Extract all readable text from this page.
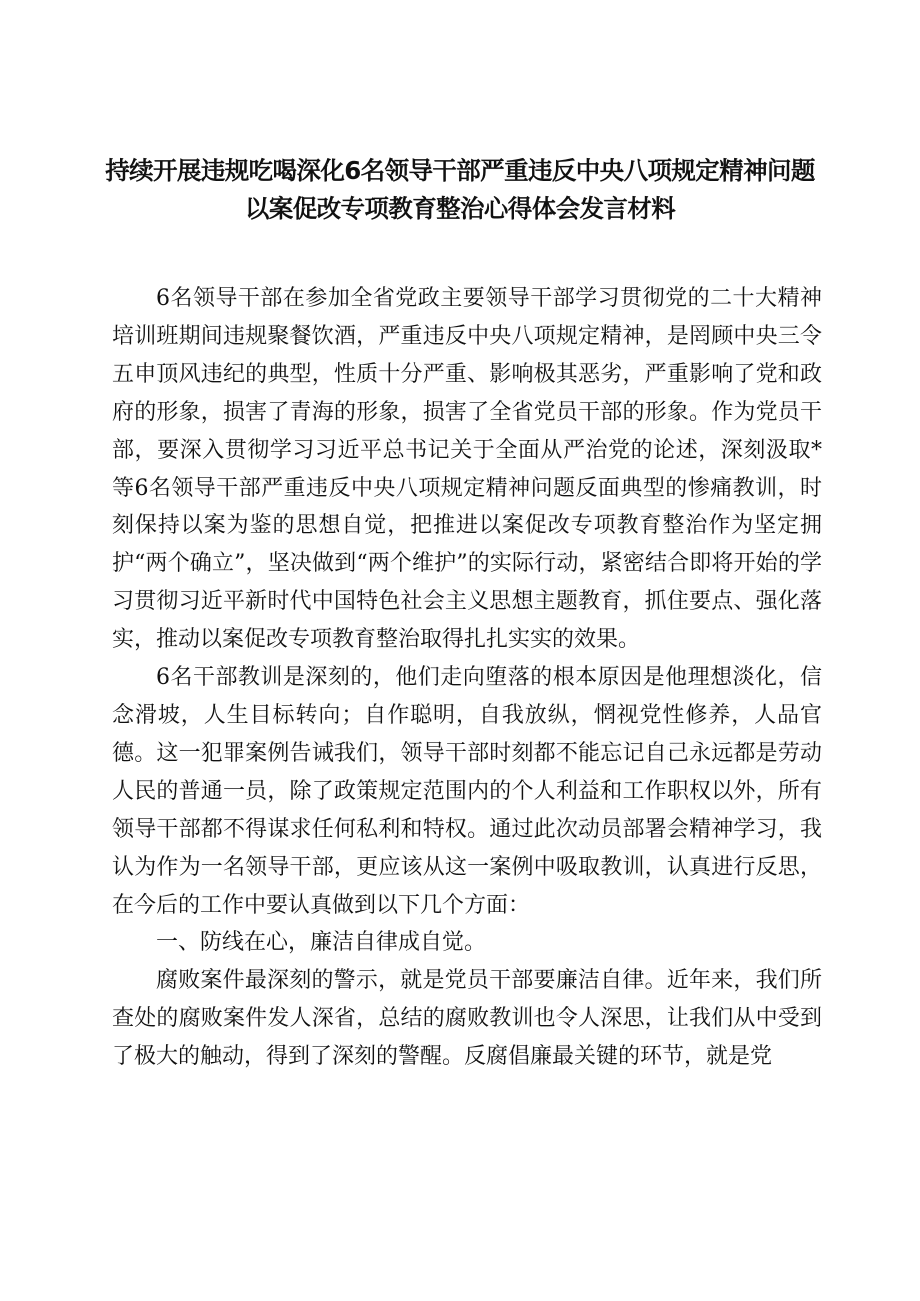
持续开展违规吃喝深化6名领导干部严重违反中央八项规定精神问题以案促改专项教育整治心得体会发言材料

6名领导干部在参加全省党政主要领导干部学习贯彻党的二十大精神培训班期间违规聚餐饮酒，严重违反中央八项规定精神，是罔顾中央三令五申顶风违纪的典型，性质十分严重、影响极其恶劣，严重影响了党和政府的形象，损害了青海的形象，损害了全省党员干部的形象。作为党员干部，要深入贯彻学习习近平总书记关于全面从严治党的论述，深刻汲取*等6名领导干部严重违反中央八项规定精神问题反面典型的惨痛教训，时刻保持以案为鉴的思想自觉，把推进以案促改专项教育整治作为坚定拥护“两个确立”，坚决做到“两个维护”的实际行动，紧密结合即将开始的学习贯彻习近平新时代中国特色社会主义思想主题教育，抓住要点、强化落实，推动以案促改专项教育整治取得扎扎实实的效果。

6名干部教训是深刻的，他们走向堕落的根本原因是他理想淡化，信念滑坡，人生目标转向；自作聪明，自我放纵，惘视党性修养，人品官德。这一犯罪案例告诫我们，领导干部时刻都不能忘记自己永远都是劳动人民的普通一员，除了政策规定范围内的个人利益和工作职权以外，所有领导干部都不得谋求任何私利和特权。通过此次动员部署会精神学习，我认为作为一名领导干部，更应该从这一案例中吸取教训，认真进行反思，在今后的工作中要认真做到以下几个方面：

一、防线在心，廉洁自律成自觉。

腐败案件最深刻的警示，就是党员干部要廉洁自律。近年来，我们所查处的腐败案件发人深省，总结的腐败教训也令人深思，让我们从中受到了极大的触动，得到了深刻的警醒。反腐倡廉最关键的环节，就是党
